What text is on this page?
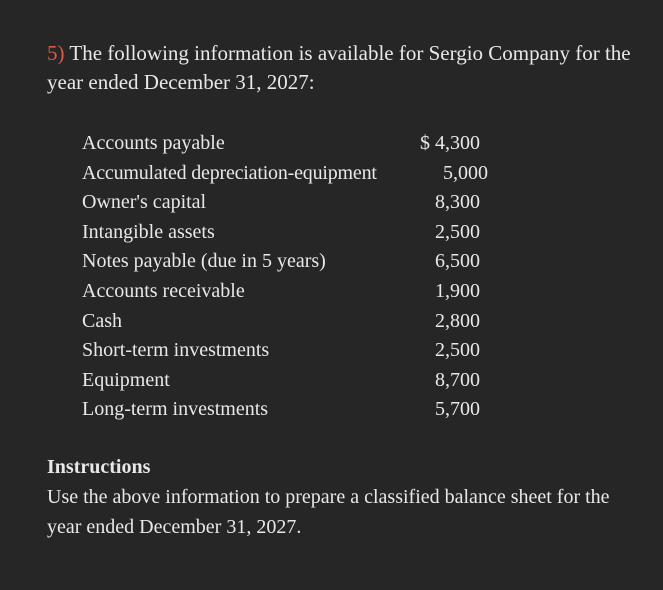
5) The following information is available for Sergio Company for the year ended December 31, 2027:
Accounts payable	$ 4,300
Accumulated depreciation-equipment	5,000
Owner's capital	8,300
Intangible assets	2,500
Notes payable (due in 5 years)	6,500
Accounts receivable	1,900
Cash	2,800
Short-term investments	2,500
Equipment	8,700
Long-term investments	5,700
Instructions
Use the above information to prepare a classified balance sheet for the year ended December 31, 2027.
